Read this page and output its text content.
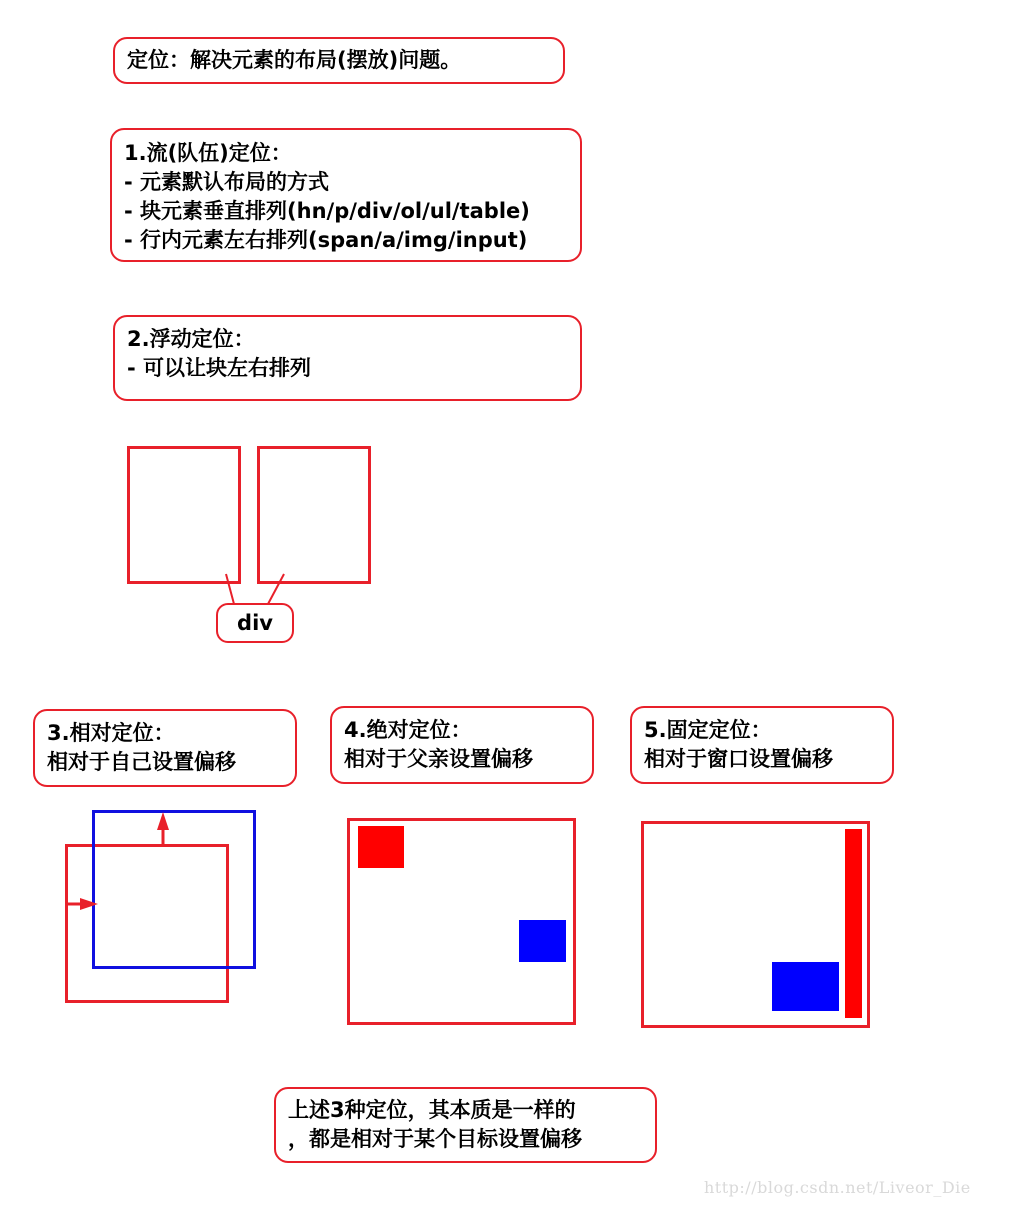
定位：解决元素的布局(摆放)问题。
1.流(队伍)定位：
- 元素默认布局的方式
- 块元素垂直排列(hn/p/div/ol/ul/table)
- 行内元素左右排列(span/a/img/input)
2.浮动定位：
- 可以让块左右排列
div
3.相对定位：
相对于自己设置偏移
4.绝对定位：
相对于父亲设置偏移
5.固定定位：
相对于窗口设置偏移
上述3种定位，其本质是一样的
，都是相对于某个目标设置偏移
http://blog.csdn.net/Liveor_Die
